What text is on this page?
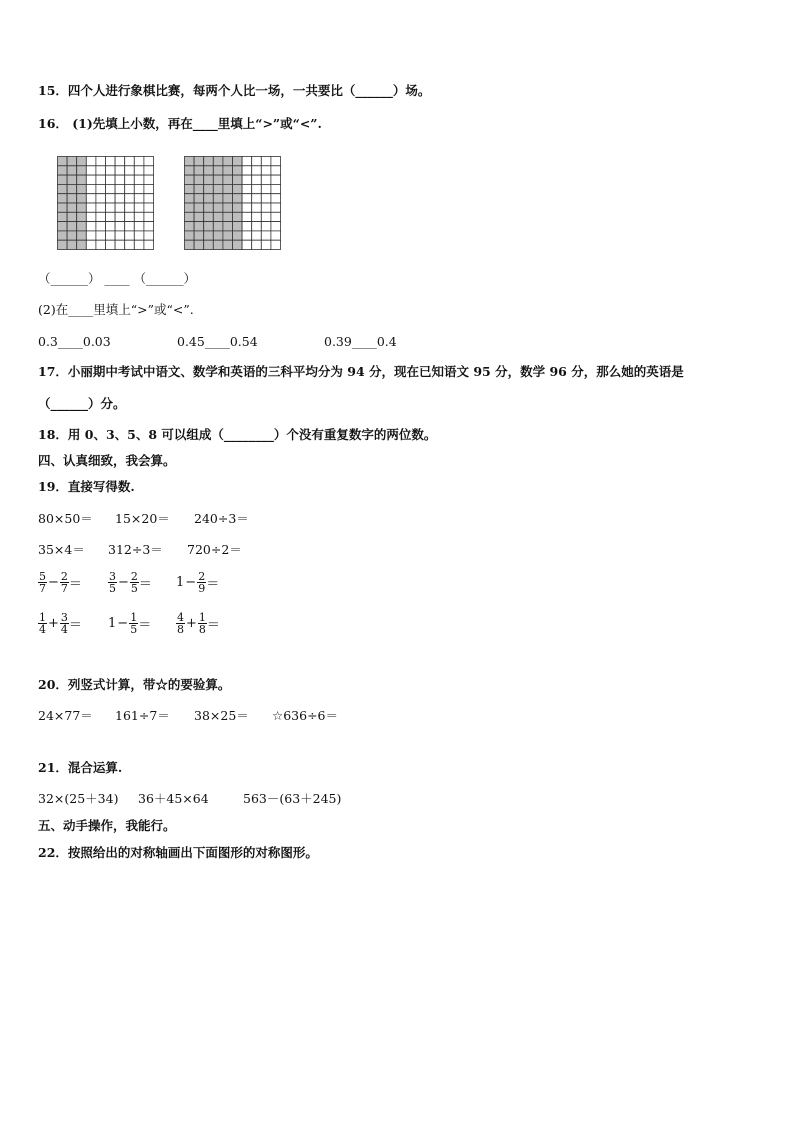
15．四个人进行象棋比赛，每两个人比一场，一共要比（______）场。
16． (1)先填上小数，再在____里填上“>”或“<”.
（______） ____ （______）
(2)在____里填上“>”或“<”.
0.3____0.03	0.45____0.54	0.39____0.4
17．小丽期中考试中语文、数学和英语的三科平均分为 94 分，现在已知语文 95 分，数学 96 分，那么她的英语是
（______）分。
18．用 0、3、5、8 可以组成（________）个没有重复数字的两位数。
四、认真细致，我会算。
19．直接写得数.
80×50＝ 15×20＝ 240÷3＝
35×4＝ 312÷3＝ 720÷2＝
$\frac{5}{7} - \frac{2}{7} = \frac{3}{5} - \frac{2}{5} = 1 - \frac{2}{9}$ ＝
$\frac{1}{4} + \frac{3}{4} = 1 - \frac{1}{5} = \frac{4}{8} + \frac{1}{8}$ ＝
20．列竖式计算，带☆的要验算。
24×77＝ 161÷7＝ 38×25＝ ☆636÷6＝
21．混合运算.
32×(25＋34) 36＋45×64	563－(63＋245)
五、动手操作，我能行。
22．按照给出的对称轴画出下面图形的对称图形。
